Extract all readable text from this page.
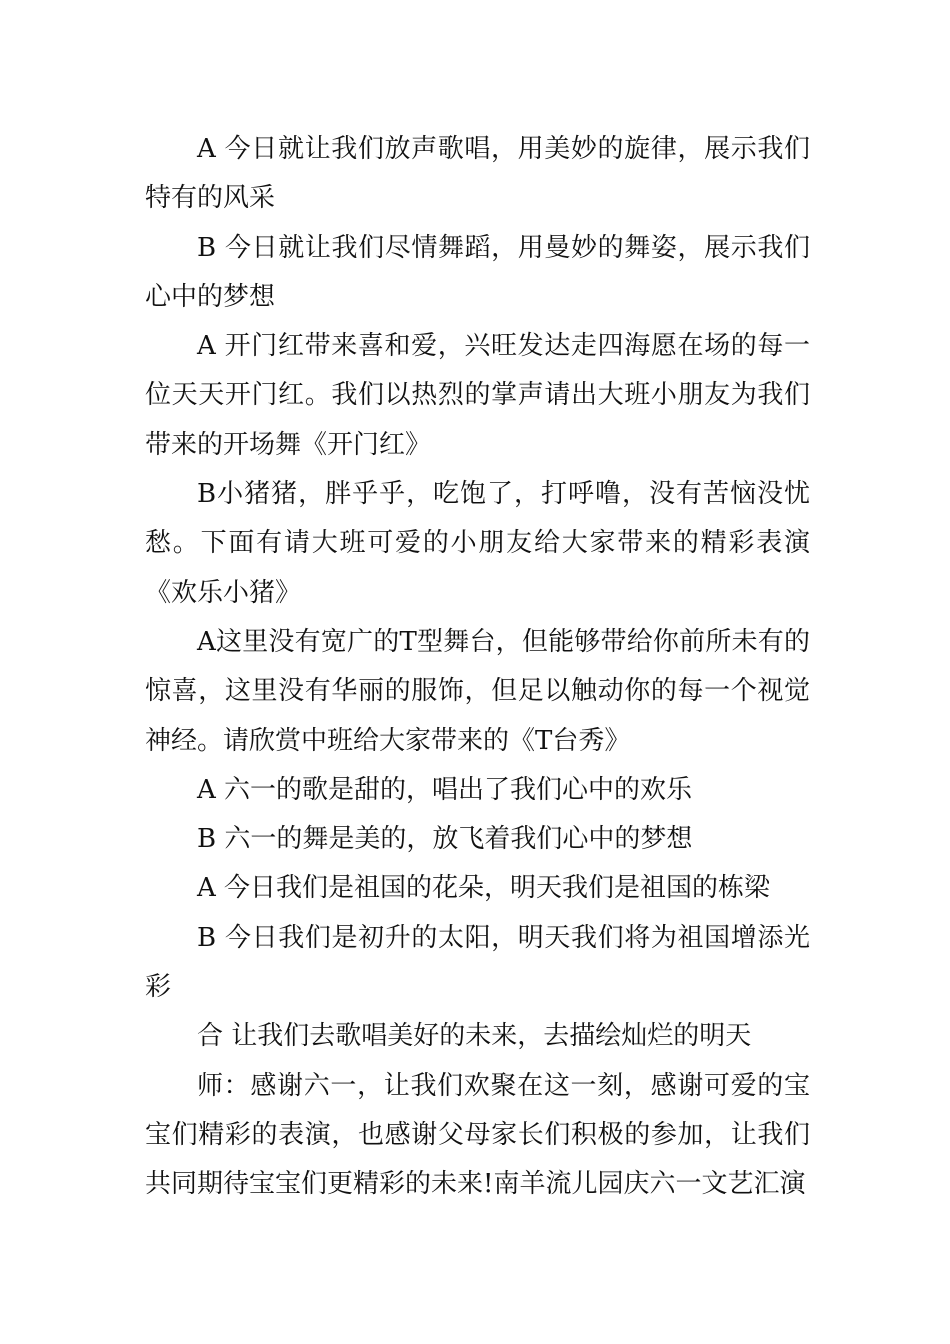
A 今日就让我们放声歌唱，用美妙的旋律，展示我们特有的风采

B 今日就让我们尽情舞蹈，用曼妙的舞姿，展示我们心中的梦想

A 开门红带来喜和爱，兴旺发达走四海愿在场的每一位天天开门红。我们以热烈的掌声请出大班小朋友为我们带来的开场舞《开门红》

B小猪猪，胖乎乎，吃饱了，打呼噜，没有苦恼没忧愁。下面有请大班可爱的小朋友给大家带来的精彩表演《欢乐小猪》

A这里没有宽广的T型舞台，但能够带给你前所未有的惊喜，这里没有华丽的服饰，但足以触动你的每一个视觉神经。请欣赏中班给大家带来的《T台秀》

A 六一的歌是甜的，唱出了我们心中的欢乐

B 六一的舞是美的，放飞着我们心中的梦想

A 今日我们是祖国的花朵，明天我们是祖国的栋梁

B 今日我们是初升的太阳，明天我们将为祖国增添光彩

合 让我们去歌唱美好的未来，去描绘灿烂的明天

师：感谢六一，让我们欢聚在这一刻，感谢可爱的宝宝们精彩的表演，也感谢父母家长们积极的参加，让我们共同期待宝宝们更精彩的未来!南羊流儿园庆六一文艺汇演
